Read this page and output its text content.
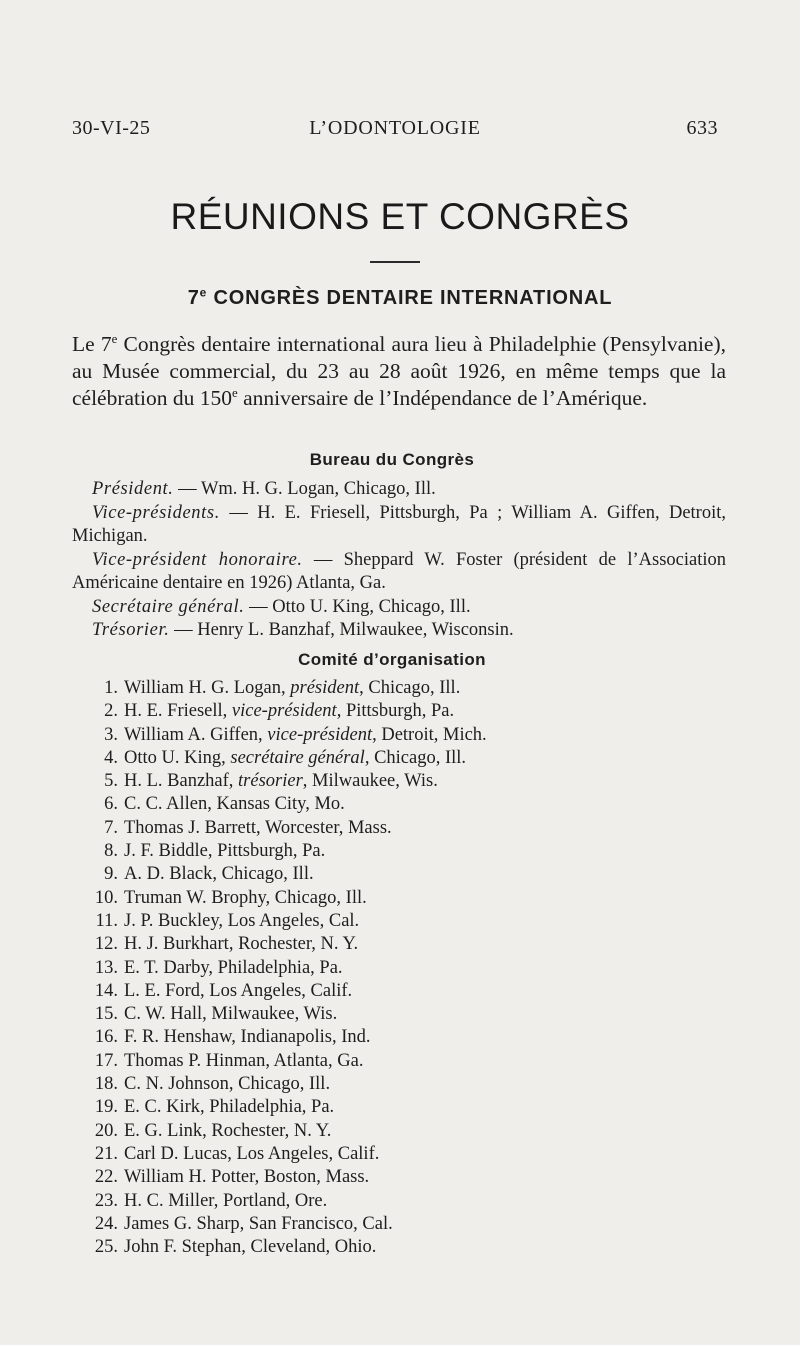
30-VI-25	L’ODONTOLOGIE	633
RÉUNIONS ET CONGRÈS
7e CONGRÈS DENTAIRE INTERNATIONAL
Le 7e Congrès dentaire international aura lieu à Philadelphie (Pensylvanie), au Musée commercial, du 23 au 28 août 1926, en même temps que la célébration du 150e anniversaire de l’Indépendance de l’Amérique.
Bureau du Congrès
Président. — Wm. H. G. Logan, Chicago, Ill.
Vice-présidents. — H. E. Friesell, Pittsburgh, Pa ; William A. Giffen, Detroit, Michigan.
Vice-président honoraire. — Sheppard W. Foster (président de l’Association Américaine dentaire en 1926) Atlanta, Ga.
Secrétaire général. — Otto U. King, Chicago, Ill.
Trésorier. — Henry L. Banzhaf, Milwaukee, Wisconsin.
Comité d’organisation
1. William H. G. Logan, président, Chicago, Ill.
2. H. E. Friesell, vice-président, Pittsburgh, Pa.
3. William A. Giffen, vice-président, Detroit, Mich.
4. Otto U. King, secrétaire général, Chicago, Ill.
5. H. L. Banzhaf, trésorier, Milwaukee, Wis.
6. C. C. Allen, Kansas City, Mo.
7. Thomas J. Barrett, Worcester, Mass.
8. J. F. Biddle, Pittsburgh, Pa.
9. A. D. Black, Chicago, Ill.
10. Truman W. Brophy, Chicago, Ill.
11. J. P. Buckley, Los Angeles, Cal.
12. H. J. Burkhart, Rochester, N. Y.
13. E. T. Darby, Philadelphia, Pa.
14. L. E. Ford, Los Angeles, Calif.
15. C. W. Hall, Milwaukee, Wis.
16. F. R. Henshaw, Indianapolis, Ind.
17. Thomas P. Hinman, Atlanta, Ga.
18. C. N. Johnson, Chicago, Ill.
19. E. C. Kirk, Philadelphia, Pa.
20. E. G. Link, Rochester, N. Y.
21. Carl D. Lucas, Los Angeles, Calif.
22. William H. Potter, Boston, Mass.
23. H. C. Miller, Portland, Ore.
24. James G. Sharp, San Francisco, Cal.
25. John F. Stephan, Cleveland, Ohio.
